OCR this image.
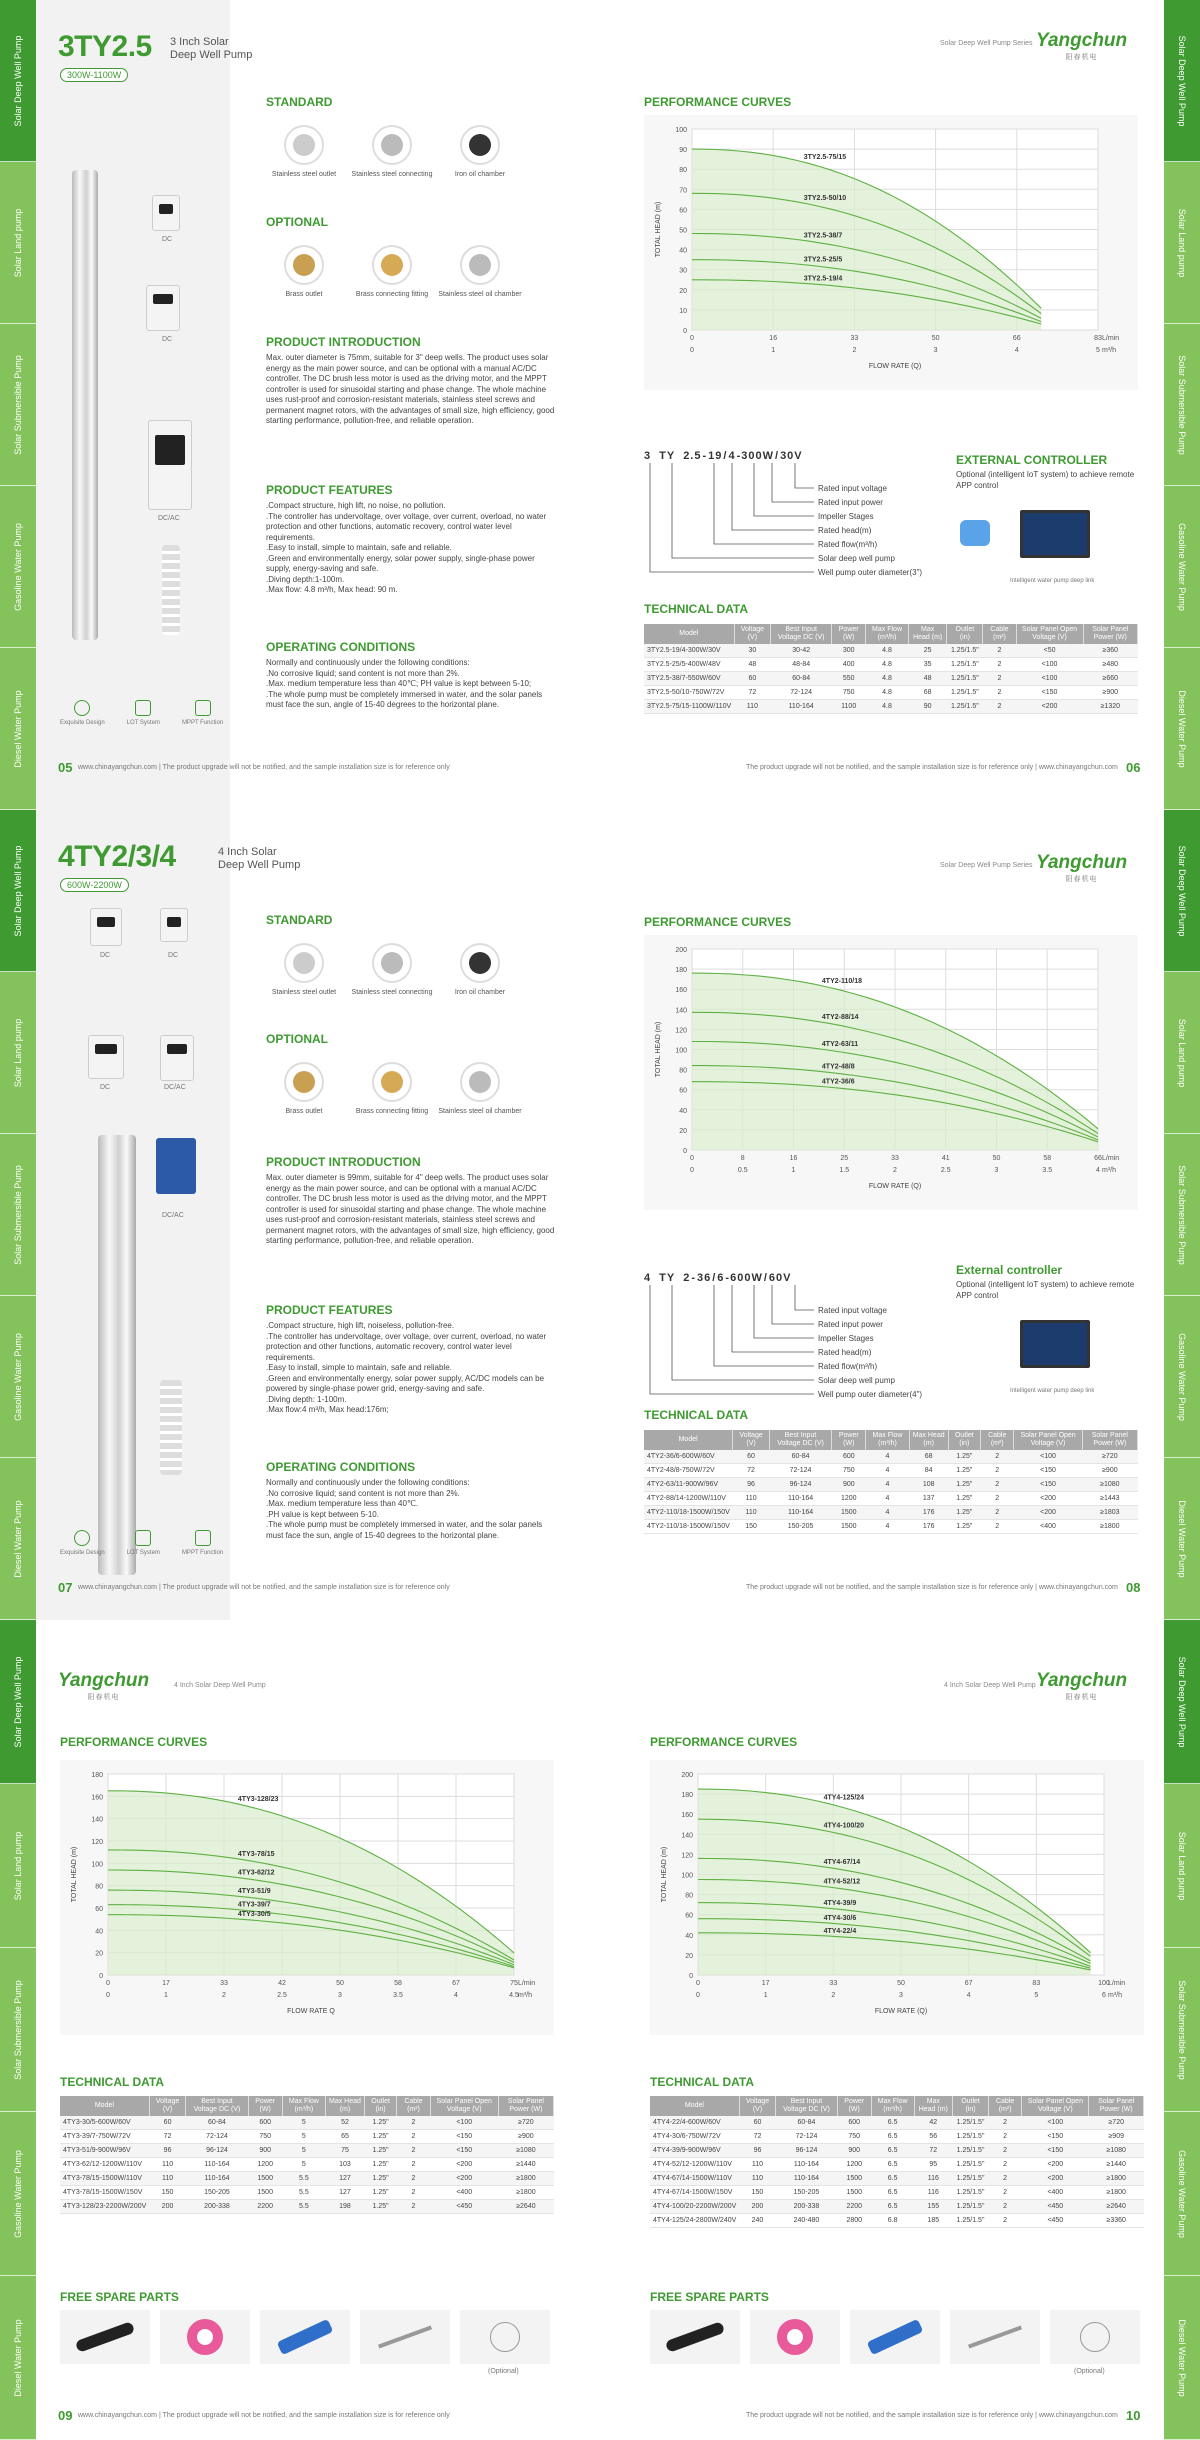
Solar Deep Well Pump
Solar Land pump
Solar Submersible Pump
Gasoline Water Pump
Diesel Water Pump
Solar Deep Well Pump
Solar Land pump
Solar Submersible Pump
Gasoline Water Pump
Diesel Water Pump
3TY2.5 3 Inch Solar
Deep Well Pump
300W-1100W
DC
DC
DC/AC
Exquisite Design	LOT System	MPPT Function
STANDARD
Stainless steel outlet	Stainless steel connecting	Iron oil chamber
OPTIONAL
Brass outlet	Brass connecting fitting	Stainless steel oil chamber
PRODUCT INTRODUCTION
Max. outer diameter is 75mm, suitable for 3" deep wells. The product uses solar energy as the main power source, and can be optional with a manual AC/DC controller. The DC brush less motor is used as the driving motor, and the MPPT controller is used for sinusoidal starting and phase change. The whole machine uses rust-proof and corrosion-resistant materials, stainless steel screws and permanent magnet rotors, with the advantages of small size, high efficiency, good starting performance, pollution-free, and reliable operation.
PRODUCT FEATURES
.Compact structure, high lift, no noise, no pollution.
.The controller has undervoltage, over voltage, over current, overload, no water protection and other functions, automatic recovery, control water level requirements.
.Easy to install, simple to maintain, safe and reliable.
.Green and environmentally energy, solar power supply, single-phase power supply, energy-saving and safe.
.Diving depth:1-100m.
.Max flow: 4.8 m³/h, Max head: 90 m.
OPERATING CONDITIONS
Normally and continuously under the following conditions:
.No corrosive liquid; sand content is not more than 2%.
.Max. medium temperature less than 40℃; PH value is kept between 5-10;
.The whole pump must be completely immersed in water, and the solar panels must face the sun, angle of 15-40 degrees to the horizontal plane.
05 www.chinayangchun.com | The product upgrade will not be notified, and the sample installation size is for reference only
Solar Deep Well Pump Series Yangchun
阳春机电
PERFORMANCE CURVES
0
10
20
30
40
50
60
70
80
90
100
0	1	2	3	4	5
0	16	33	50	66	83 L/min
m³/h
FLOW RATE (Q)
TOTAL HEAD (m)
3TY2.5-75/15
3TY2.5-50/10
3TY2.5-38/7
3TY2.5-25/5
3TY2.5-19/4
3 TY 2.5-19/4-300W/30V
Rated input voltage
Rated input power
Impeller Stages
Rated head(m)
Rated flow(m³/h)
Solar deep well pump
Well pump outer diameter(3")
EXTERNAL CONTROLLER
Optional (intelligent IoT system) to achieve remote APP control
Intelligent water pump deep link
TECHNICAL DATA
Model	Voltage (V)	Best Input Voltage DC (V)	Power (W)	Max Flow (m³/h)	Max Head (m)	Outlet (in)	Cable (m²)	Solar Panel Open Voltage (V)	Solar Panel Power (W)
3TY2.5-19/4-300W/30V	30	30-42	300	4.8	25	1.25/1.5"	2	<50	≥360
3TY2.5-25/5-400W/48V	48	48-84	400	4.8	35	1.25/1.5"	2	<100	≥480
3TY2.5-38/7-550W/60V	60	60-84	550	4.8	48	1.25/1.5"	2	<100	≥660
3TY2.5-50/10-750W/72V	72	72-124	750	4.8	68	1.25/1.5"	2	<150	≥900
3TY2.5-75/15-1100W/110V	110	110-164	1100	4.8	90	1.25/1.5"	2	<200	≥1320
The product upgrade will not be notified, and the sample installation size is for reference only | www.chinayangchun.com 06
Solar Deep Well Pump
Solar Land pump
Solar Submersible Pump
Gasoline Water Pump
Diesel Water Pump
Solar Deep Well Pump
Solar Land pump
Solar Submersible Pump
Gasoline Water Pump
Diesel Water Pump
4TY2/3/4	4 Inch Solar
Deep Well Pump
600W-2200W
DC	DC
DC	DC/AC
DC/AC
Exquisite Design	LOT System	MPPT Function
STANDARD
Stainless steel outlet	Stainless steel connecting	Iron oil chamber
OPTIONAL
Brass outlet	Brass connecting fitting	Stainless steel oil chamber
PRODUCT INTRODUCTION
Max. outer diameter is 99mm, suitable for 4" deep wells. The product uses solar energy as the main power source, and can be optional with a manual AC/DC controller. The DC brush less motor is used as the driving motor, and the MPPT controller is used for sinusoidal starting and phase change. The whole machine uses rust-proof and corrosion-resistant materials, stainless steel screws and permanent magnet rotors, with the advantages of small size, high efficiency, good starting performance, pollution-free, and reliable operation.
PRODUCT FEATURES
.Compact structure, high lift, noiseless, pollution-free.
.The controller has undervoltage, over voltage, over current, overload, no water protection and other functions, automatic recovery, control water level requirements.
.Easy to install, simple to maintain, safe and reliable.
.Green and environmentally energy, solar power supply, AC/DC models can be powered by single-phase power grid, energy-saving and safe.
.Diving depth: 1-100m.
.Max flow:4 m³/h, Max head:176m;
OPERATING CONDITIONS
Normally and continuously under the following conditions:
.No corrosive liquid; sand content is not more than 2%.
.Max. medium temperature less than 40℃.
.PH value is kept between 5-10.
.The whole pump must be completely immersed in water, and the solar panels must face the sun, angle of 15-40 degrees to the horizontal plane.
07 www.chinayangchun.com | The product upgrade will not be notified, and the sample installation size is for reference only
Solar Deep Well Pump Series Yangchun
阳春机电
PERFORMANCE CURVES
0
20
40
60
80
100
120
140
160
180
200
0	0.5	1	1.5	2	2.5	3	3.5	4
0	8	16	25	33	41	50	58	66 L/min
m³/h
FLOW RATE (Q)
TOTAL HEAD (m)
4TY2-110/18
4TY2-88/14
4TY2-63/11
4TY2-48/8
4TY2-36/6
4 TY 2-36/6-600W/60V
Rated input voltage
Rated input power
Impeller Stages
Rated head(m)
Rated flow(m³/h)
Solar deep well pump
Well pump outer diameter(4")
External controller
Optional (intelligent IoT system) to achieve remote APP control
Intelligent water pump deep link
TECHNICAL DATA
Model	Voltage (V)	Best Input Voltage DC (V)	Power (W)	Max Flow (m³/h)	Max Head (m)	Outlet (in)	Cable (m²)	Solar Panel Open Voltage (V)	Solar Panel Power (W)
4TY2-36/6-600W/60V	60	60-84	600	4	68	1.25"	2	<100	≥720
4TY2-48/8-750W/72V	72	72-124	750	4	84	1.25"	2	<150	≥900
4TY2-63/11-900W/96V	96	96-124	900	4	108	1.25"	2	<150	≥1080
4TY2-88/14-1200W/110V	110	110-164	1200	4	137	1.25"	2	<200	≥1443
4TY2-110/18-1500W/150V	110	110-164	1500	4	176	1.25"	2	<200	≥1803
4TY2-110/18-1500W/150V	150	150-205	1500	4	176	1.25"	2	<400	≥1800
The product upgrade will not be notified, and the sample installation size is for reference only | www.chinayangchun.com 08
Solar Deep Well Pump
Solar Land pump
Solar Submersible Pump
Gasoline Water Pump
Diesel Water Pump
Solar Deep Well Pump
Solar Land pump
Solar Submersible Pump
Gasoline Water Pump
Diesel Water Pump
Yangchun
阳春机电
4 Inch Solar Deep Well Pump	4 Inch Solar Deep Well Pump Yangchun
阳春机电
PERFORMANCE CURVES
0
20
40
60
80
100
120
140
160
180
0	1	2	2.5	3	3.5	4	4.5
0	17	33	42	50	58	67	75 L/min
m³/h
FLOW RATE Q
TOTAL HEAD (m)
4TY3-128/23
4TY3-78/15
4TY3-62/12
4TY3-51/9
4TY3-39/7
4TY3-30/5
PERFORMANCE CURVES
0
20
40
60
80
100
120
140
160
180
200
0	1	2	3	4	5	6
0	17	33	50	67	83	100
L/min
m³/h
FLOW RATE (Q)
TOTAL HEAD (m)
4TY4-125/24
4TY4-100/20
4TY4-67/14
4TY4-52/12
4TY4-39/9
4TY4-30/6
4TY4-22/4
TECHNICAL DATA
Model	Voltage (V)	Best Input Voltage DC (V)	Power (W)	Max Flow (m³/h)	Max Head (m)	Outlet (in)	Cable (m²)	Solar Panel Open Voltage (V)	Solar Panel Power (W)
4TY3-30/5-600W/60V	60	60-84	600	5	52	1.25"	2	<100	≥720
4TY3-39/7-750W/72V	72	72-124	750	5	65	1.25"	2	<150	≥900
4TY3-51/9-900W/96V	96	96-124	900	5	75	1.25"	2	<150	≥1080
4TY3-62/12-1200W/110V	110	110-164	1200	5	103	1.25"	2	<200	≥1440
4TY3-78/15-1500W/110V	110	110-164	1500	5.5	127	1.25"	2	<200	≥1800
4TY3-78/15-1500W/150V	150	150-205	1500	5.5	127	1.25"	2	<400	≥1800
4TY3-128/23-2200W/200V	200	200-338	2200	5.5	198	1.25"	2	<450	≥2640
TECHNICAL DATA
Model	Voltage (V)	Best Input Voltage DC (V)	Power (W)	Max Flow (m³/h)	Max Head (m)	Outlet (in)	Cable (m²)	Solar Panel Open Voltage (V)	Solar Panel Power (W)
4TY4-22/4-600W/60V	60	60-84	600	6.5	42	1.25/1.5"	2	<100	≥720
4TY4-30/6-750W/72V	72	72-124	750	6.5	56	1.25/1.5"	2	<150	≥909
4TY4-39/9-900W/96V	96	96-124	900	6.5	72	1.25/1.5"	2	<150	≥1080
4TY4-52/12-1200W/110V	110	110-164	1200	6.5	95	1.25/1.5"	2	<200	≥1440
4TY4-67/14-1500W/110V	110	110-164	1500	6.5	116	1.25/1.5"	2	<200	≥1800
4TY4-67/14-1500W/150V	150	150-205	1500	6.5	116	1.25/1.5"	2	<400	≥1800
4TY4-100/20-2200W/200V	200	200-338	2200	6.5	155	1.25/1.5"	2	<450	≥2640
4TY4-125/24-2800W/240V	240	240-480	2800	6.8	185	1.25/1.5"	2	<450	≥3360
FREE SPARE PARTS
(Optional)
FREE SPARE PARTS
(Optional)
09 www.chinayangchun.com | The product upgrade will not be notified, and the sample installation size is for reference only	The product upgrade will not be notified, and the sample installation size is for reference only | www.chinayangchun.com 10
